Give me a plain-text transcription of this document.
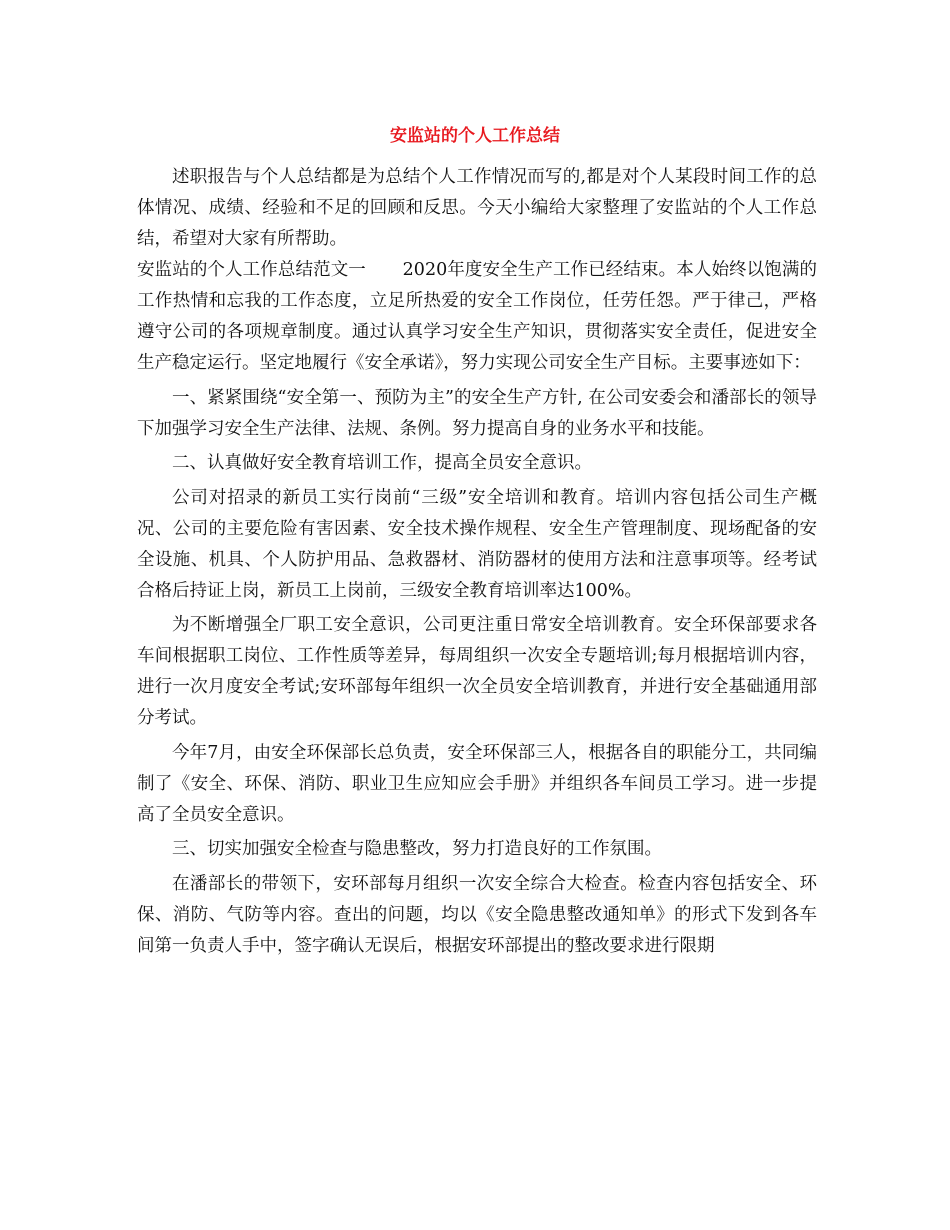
安监站的个人工作总结

述职报告与个人总结都是为总结个人工作情况而写的,都是对个人某段时间工作的总体情况、成绩、经验和不足的回顾和反思。今天小编给大家整理了安监站的个人工作总结，希望对大家有所帮助。

安监站的个人工作总结范文一 2020年度安全生产工作已经结束。本人始终以饱满的工作热情和忘我的工作态度，立足所热爱的安全工作岗位，任劳任怨。严于律己，严格遵守公司的各项规章制度。通过认真学习安全生产知识，贯彻落实安全责任，促进安全生产稳定运行。坚定地履行《安全承诺》，努力实现公司安全生产目标。主要事迹如下：

一、紧紧围绕“安全第一、预防为主”的安全生产方针, 在公司安委会和潘部长的领导下加强学习安全生产法律、法规、条例。努力提高自身的业务水平和技能。

二、认真做好安全教育培训工作，提高全员安全意识。

公司对招录的新员工实行岗前“三级”安全培训和教育。培训内容包括公司生产概况、公司的主要危险有害因素、安全技术操作规程、安全生产管理制度、现场配备的安全设施、机具、个人防护用品、急救器材、消防器材的使用方法和注意事项等。经考试合格后持证上岗，新员工上岗前，三级安全教育培训率达100%。

为不断增强全厂职工安全意识，公司更注重日常安全培训教育。安全环保部要求各车间根据职工岗位、工作性质等差异，每周组织一次安全专题培训;每月根据培训内容，进行一次月度安全考试;安环部每年组织一次全员安全培训教育，并进行安全基础通用部分考试。

今年7月，由安全环保部长总负责，安全环保部三人，根据各自的职能分工，共同编制了《安全、环保、消防、职业卫生应知应会手册》并组织各车间员工学习。进一步提高了全员安全意识。

三、切实加强安全检查与隐患整改，努力打造良好的工作氛围。

在潘部长的带领下，安环部每月组织一次安全综合大检查。检查内容包括安全、环保、消防、气防等内容。查出的问题，均以《安全隐患整改通知单》的形式下发到各车间第一负责人手中，签字确认无误后，根据安环部提出的整改要求进行限期
